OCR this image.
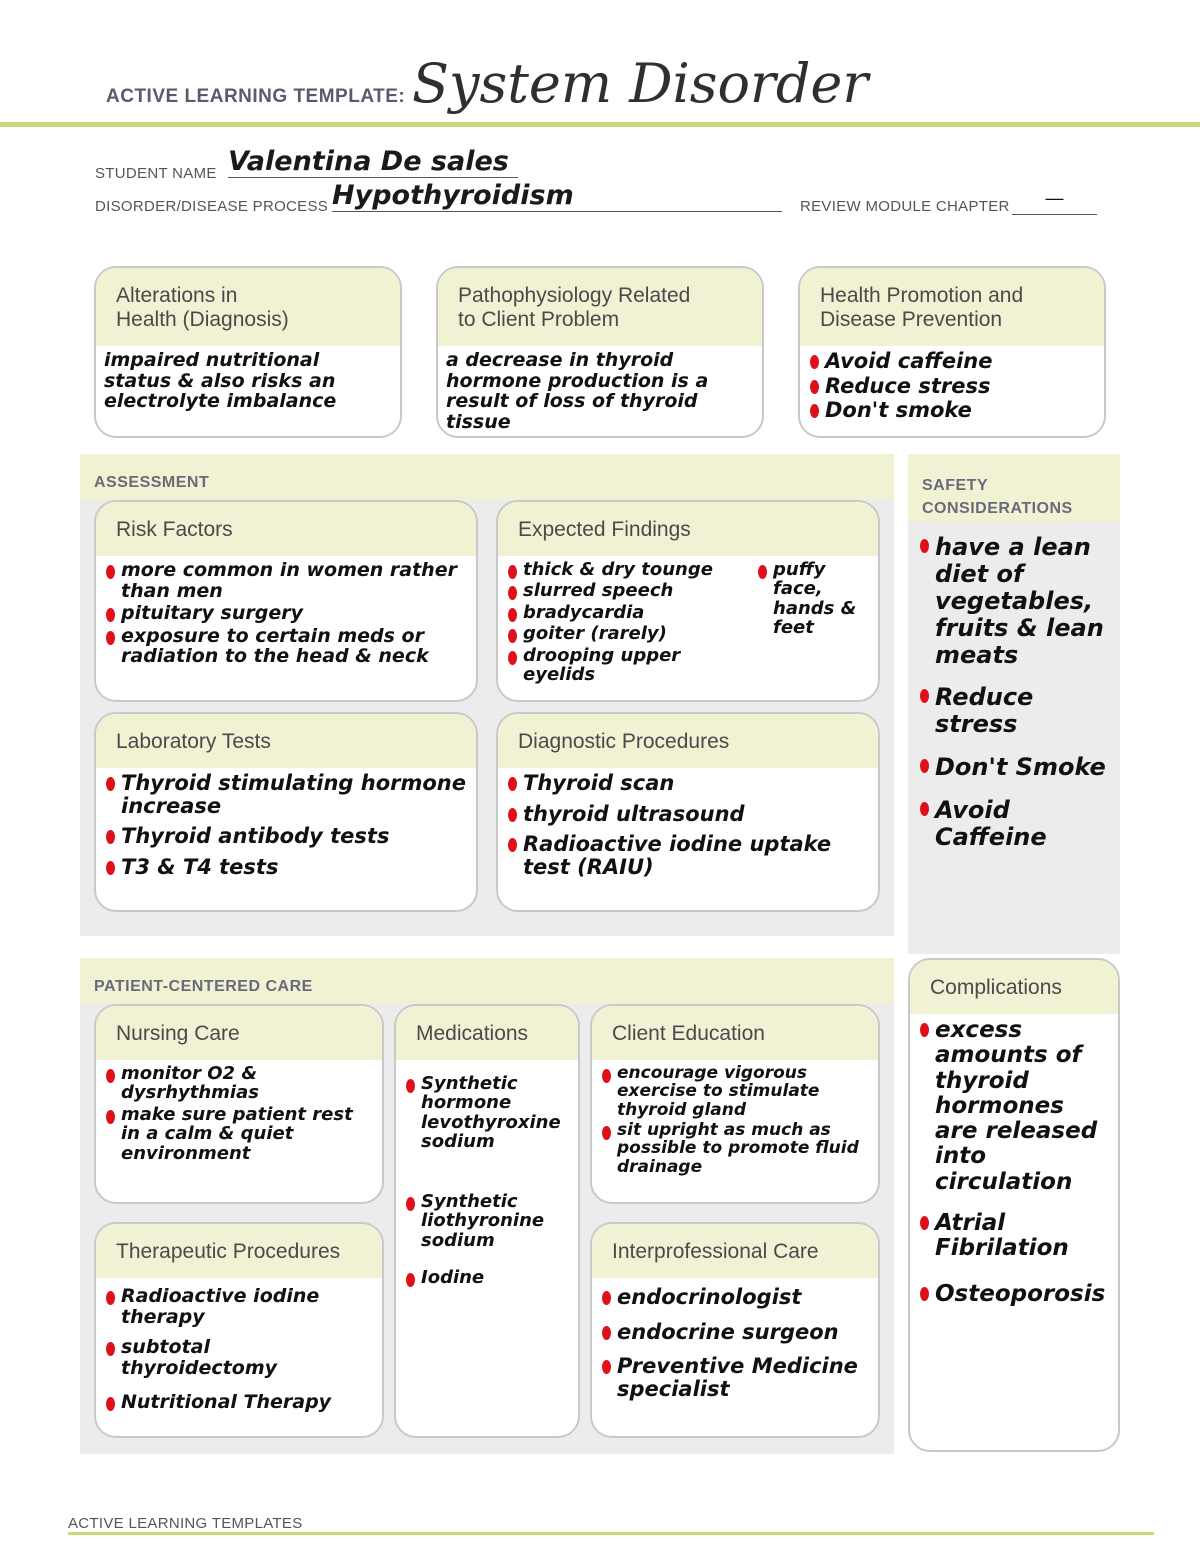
ACTIVE LEARNING TEMPLATE: System Disorder
STUDENT NAME Valentina De sales
DISORDER/DISEASE PROCESS Hypothyroidism	REVIEW MODULE CHAPTER	—
Alterations in
Health (Diagnosis)
impaired nutritional status & also risks an electrolyte imbalance
Pathophysiology Related
to Client Problem
a decrease in thyroid hormone production is a result of loss of thyroid tissue
Health Promotion and
Disease Prevention
Avoid caffeine
Reduce stress
Don't smoke
ASSESSMENT
Risk Factors
more common in women rather than men
pituitary surgery
exposure to certain meds or radiation to the head & neck
Expected Findings
thick & dry tounge
slurred speech
bradycardia
goiter (rarely)
drooping upper eyelids
puffy face, hands & feet
Laboratory Tests
Thyroid stimulating hormone increase
Thyroid antibody tests
T3 & T4 tests
Diagnostic Procedures
Thyroid scan
thyroid ultrasound
Radioactive iodine uptake test (RAIU)
SAFETY
CONSIDERATIONS
have a lean diet of vegetables, fruits & lean meats
Reduce stress
Don't Smoke
Avoid Caffeine
PATIENT-CENTERED CARE
Nursing Care
monitor O2 & dysrhythmias
make sure patient rest in a calm & quiet environment
Medications
Synthetic hormone levothyroxine sodium
Synthetic liothyronine sodium
Iodine
Client Education
encourage vigorous exercise to stimulate thyroid gland
sit upright as much as possible to promote fluid drainage
Therapeutic Procedures
Radioactive iodine therapy
subtotal thyroidectomy
Nutritional Therapy
Interprofessional Care
endocrinologist
endocrine surgeon
Preventive Medicine specialist
Complications
excess amounts of thyroid hormones are released into circulation
Atrial Fibrilation
Osteoporosis
ACTIVE LEARNING TEMPLATES
